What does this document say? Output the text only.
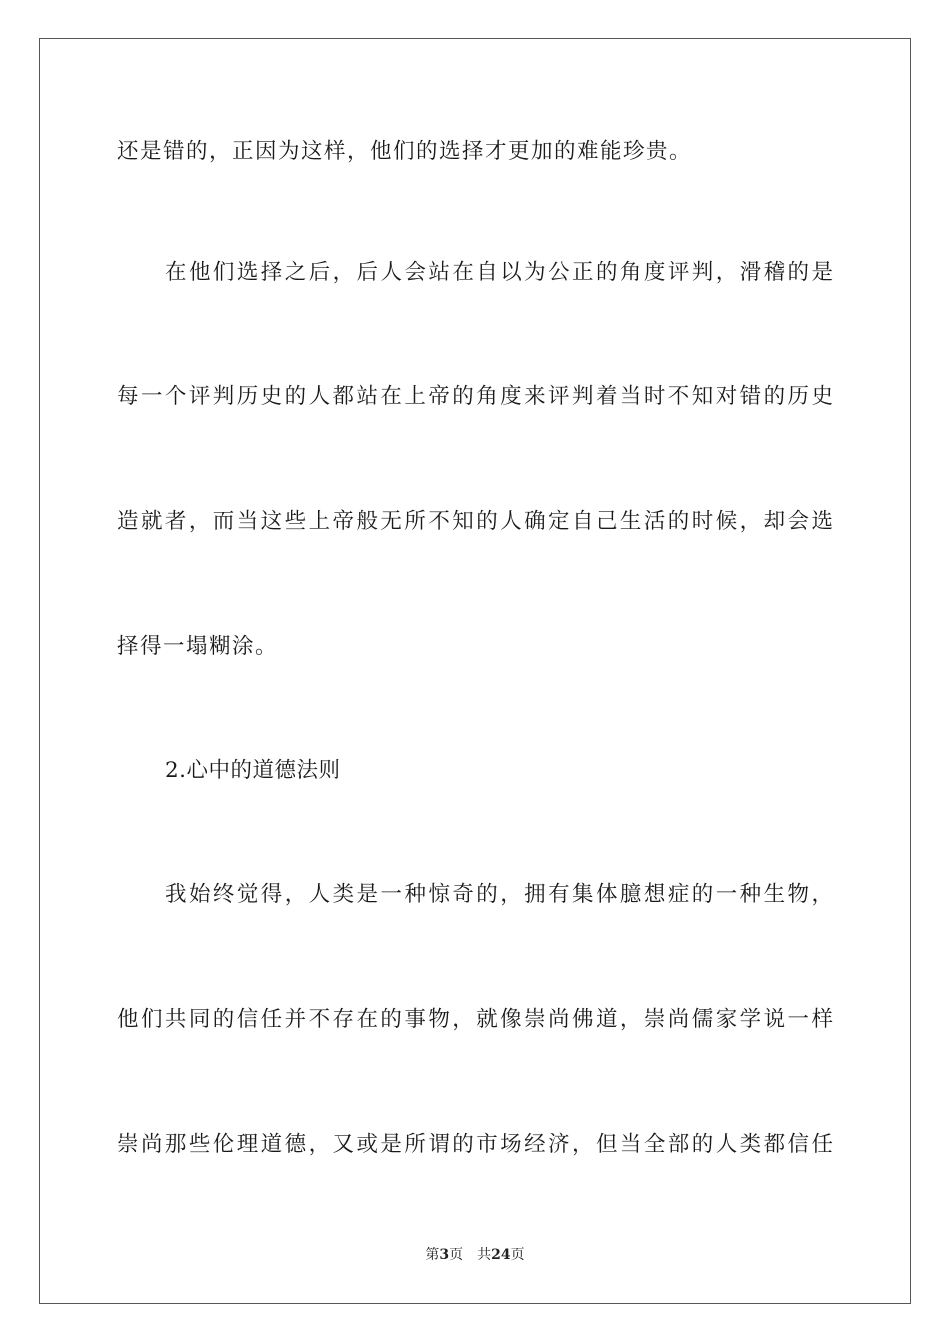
还是错的，正因为这样，他们的选择才更加的难能珍贵。
在他们选择之后，后人会站在自以为公正的角度评判，滑稽的是
每一个评判历史的人都站在上帝的角度来评判着当时不知对错的历史
造就者，而当这些上帝般无所不知的人确定自己生活的时候，却会选
择得一塌糊涂。
2.心中的道德法则
我始终觉得，人类是一种惊奇的，拥有集体臆想症的一种生物，
他们共同的信任并不存在的事物，就像崇尚佛道，崇尚儒家学说一样
崇尚那些伦理道德，又或是所谓的市场经济，但当全部的人类都信任
第3页 共24页
